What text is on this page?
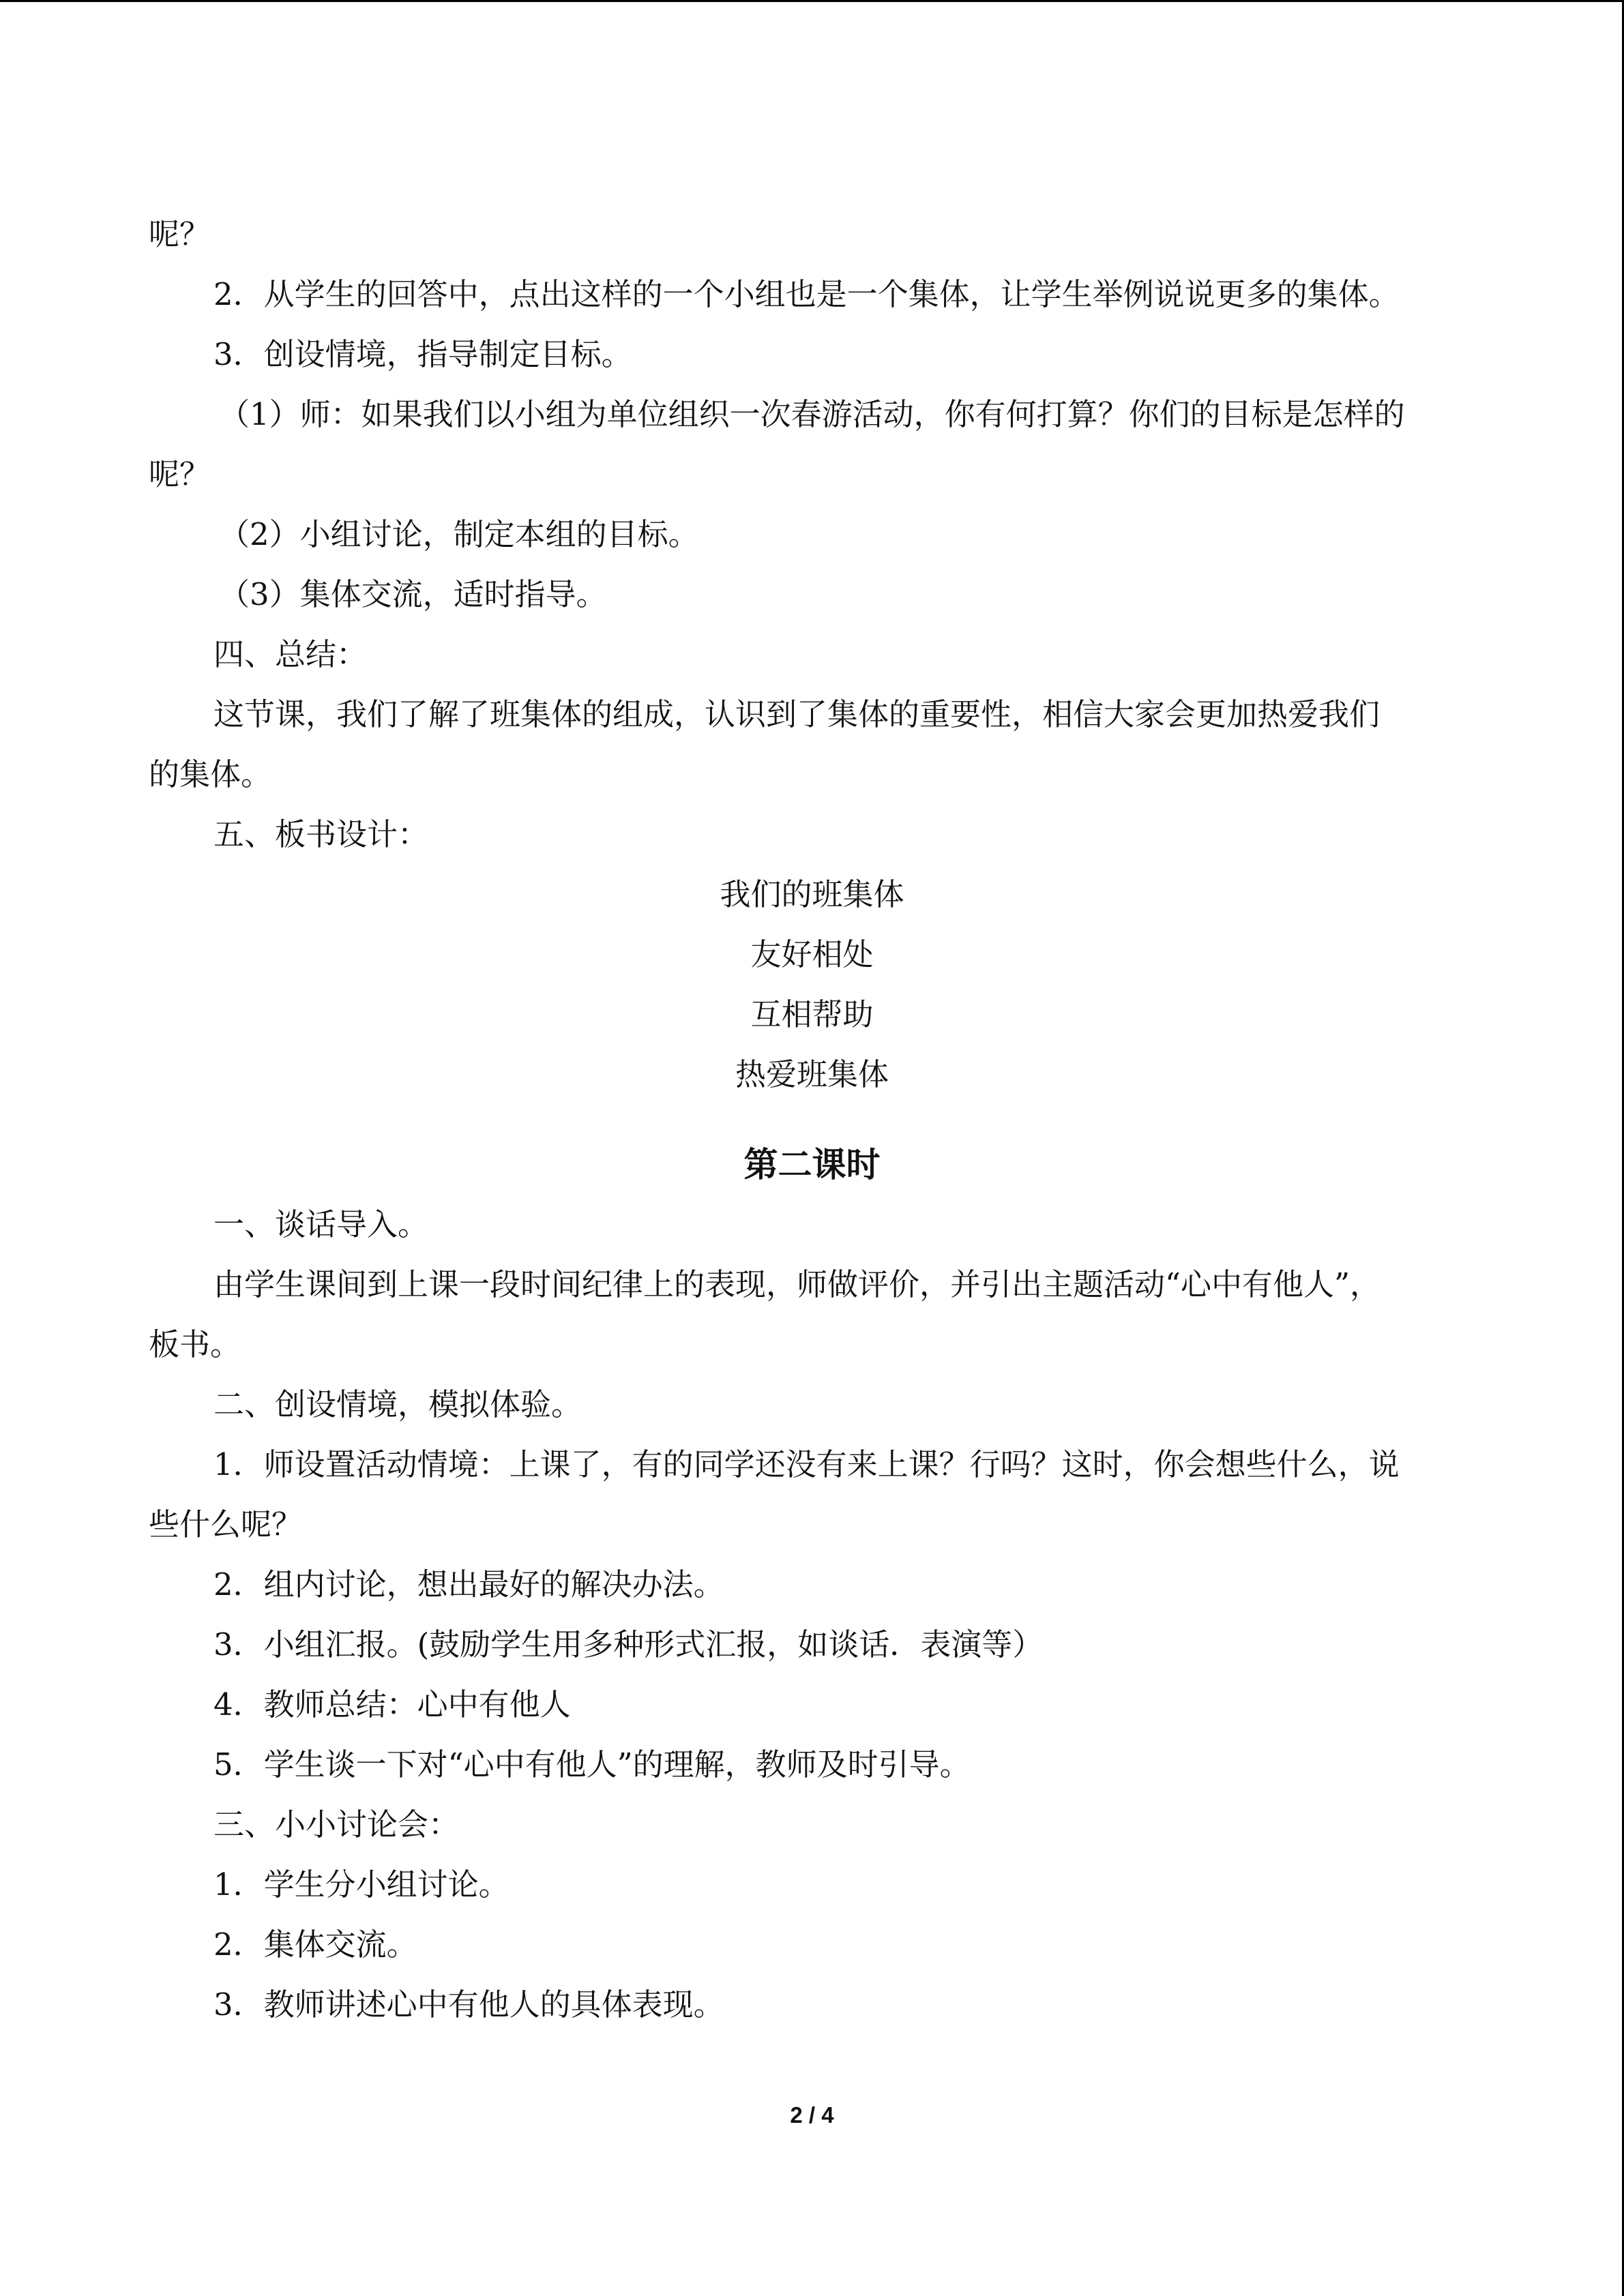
呢？
2．从学生的回答中，点出这样的一个小组也是一个集体，让学生举例说说更多的集体。
3．创设情境，指导制定目标。
（1）师：如果我们以小组为单位组织一次春游活动，你有何打算？你们的目标是怎样的
呢？
（2）小组讨论，制定本组的目标。
（3）集体交流，适时指导。
四、总结：
这节课，我们了解了班集体的组成，认识到了集体的重要性，相信大家会更加热爱我们
的集体。
五、板书设计：
我们的班集体
友好相处
互相帮助
热爱班集体
第二课时
一、谈话导入。
由学生课间到上课一段时间纪律上的表现，师做评价，并引出主题活动“心中有他人”，
板书。
二、创设情境，模拟体验。
1．师设置活动情境：上课了，有的同学还没有来上课？行吗？这时，你会想些什么，说
些什么呢？
2．组内讨论，想出最好的解决办法。
3．小组汇报。(鼓励学生用多种形式汇报，如谈话．表演等）
4．教师总结：心中有他人
5．学生谈一下对“心中有他人”的理解，教师及时引导。
三、小小讨论会：
1．学生分小组讨论。
2．集体交流。
3．教师讲述心中有他人的具体表现。
2 / 4
